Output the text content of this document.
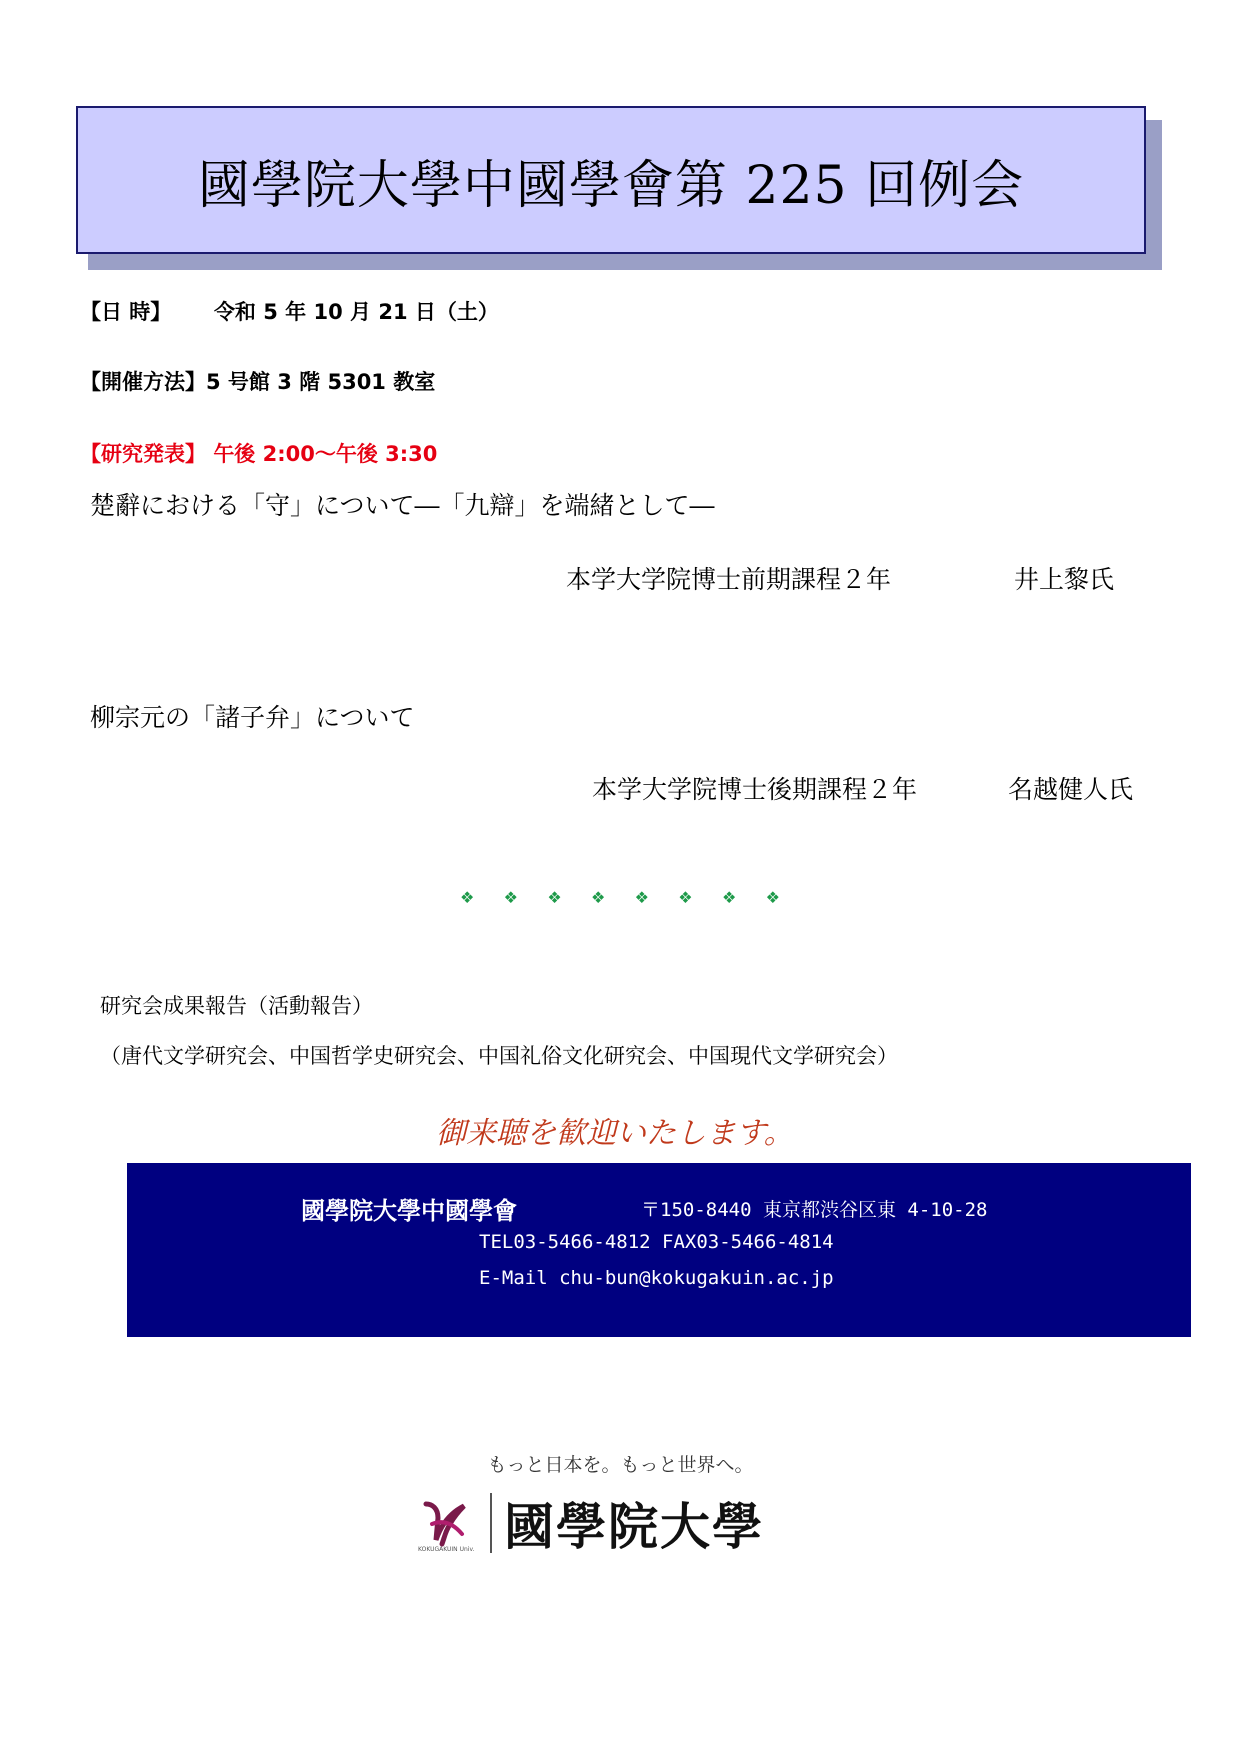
國學院大學中國學會第 225 回例会
【日 時】 令和 5 年 10 月 21 日（土）
【開催方法】5 号館 3 階 5301 教室
【研究発表】 午後 2:00～午後 3:30
楚辭における「守」について―「九辯」を端緒として―
本学大学院博士前期課程２年	井上黎氏
柳宗元の「諸子弁」について
本学大学院博士後期課程２年	名越健人氏
❖ ❖ ❖ ❖ ❖ ❖ ❖ ❖
研究会成果報告（活動報告）
（唐代文学研究会、中国哲学史研究会、中国礼俗文化研究会、中国現代文学研究会）
御来聴を歓迎いたします。
國學院大學中國學會	〒150-8440 東京都渋谷区東 4-10-28
TEL03-5466-4812 FAX03-5466-4814
E-Mail chu-bun@kokugakuin.ac.jp
もっと日本を。もっと世界へ。
KOKUGAKUIN Univ. 國學院大學
